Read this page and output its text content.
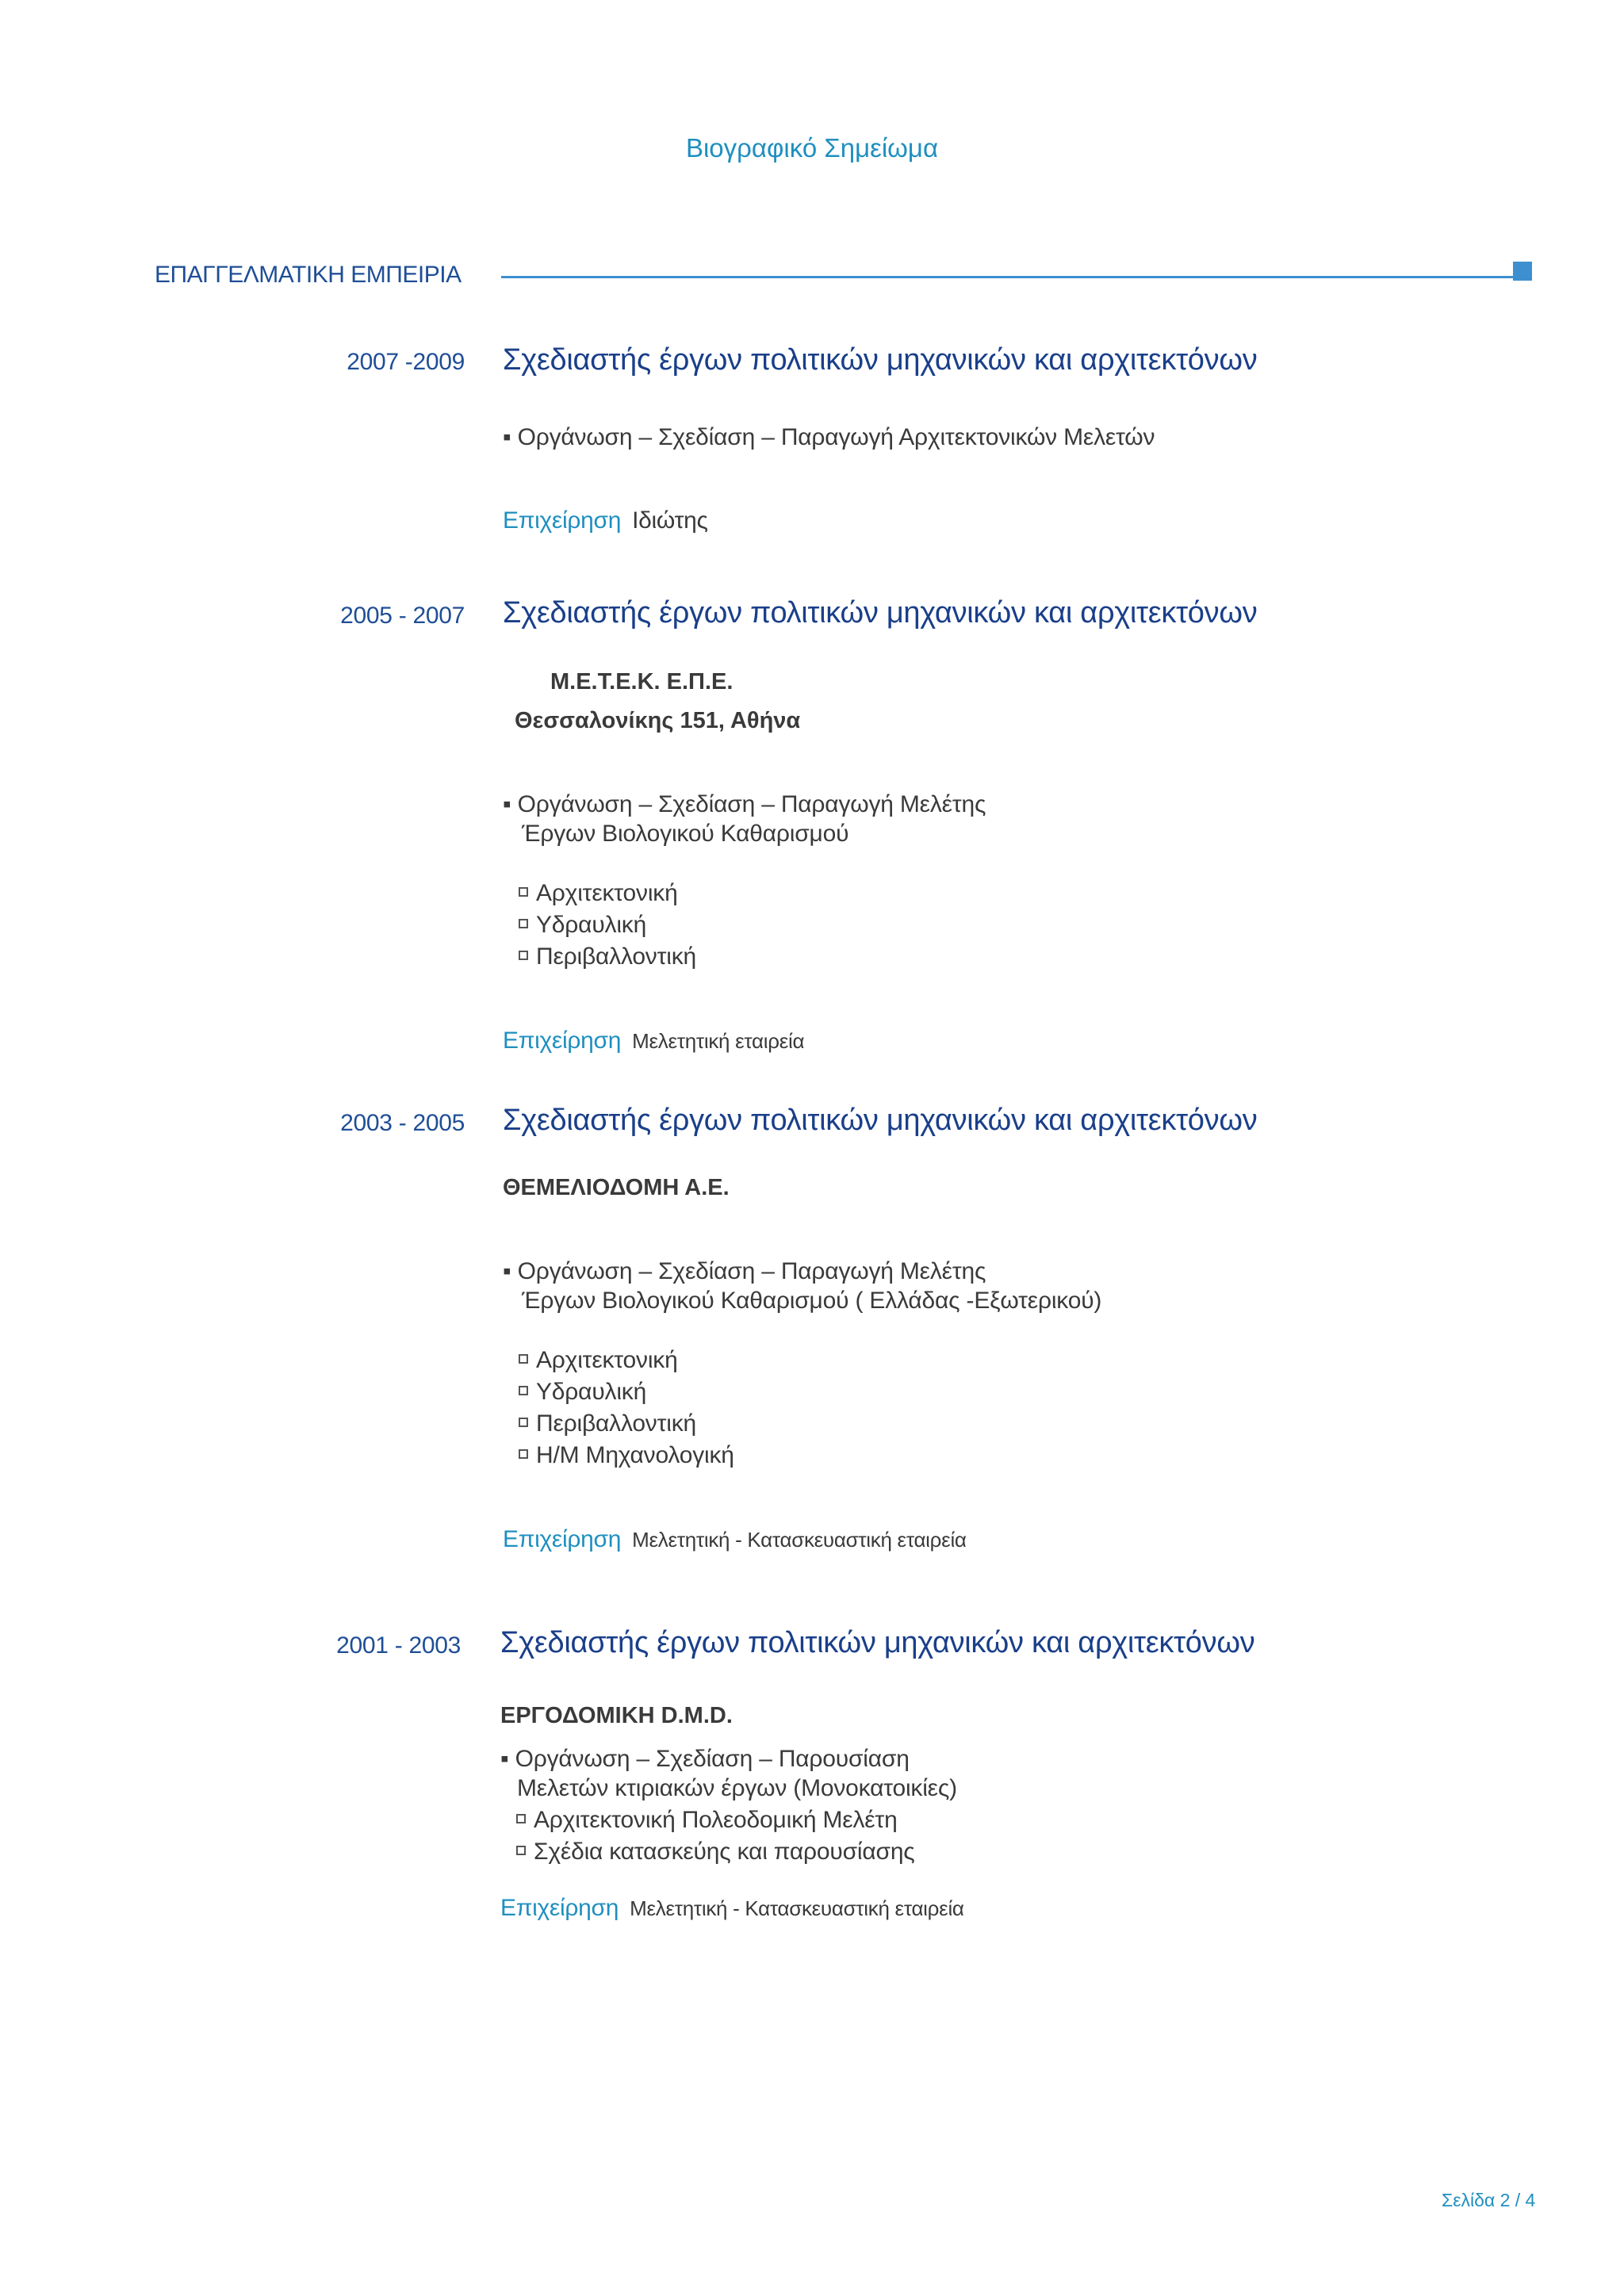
Βιογραφικό Σημείωμα
ΕΠΑΓΓΕΛΜΑΤΙΚΗ ΕΜΠΕΙΡΙΑ
2007 -2009 Σχεδιαστής έργων πολιτικών μηχανικών και αρχιτεκτόνων
▪ Οργάνωση – Σχεδίαση – Παραγωγή Αρχιτεκτονικών Μελετών
Επιχείρηση Ιδιώτης
2005 - 2007 Σχεδιαστής έργων πολιτικών μηχανικών και αρχιτεκτόνων
Μ.Ε.Τ.Ε.Κ. Ε.Π.Ε.
Θεσσαλονίκης 151, Αθήνα
▪ Οργάνωση – Σχεδίαση – Παραγωγή Μελέτης
Έργων Βιολογικού Καθαρισμού
Αρχιτεκτονική
Υδραυλική
Περιβαλλοντική
Επιχείρηση Μελετητική εταιρεία
2003 - 2005 Σχεδιαστής έργων πολιτικών μηχανικών και αρχιτεκτόνων
ΘΕΜΕΛΙΟΔΟΜΗ Α.Ε.
▪ Οργάνωση – Σχεδίαση – Παραγωγή Μελέτης
Έργων Βιολογικού Καθαρισμού ( Ελλάδας -Εξωτερικού)
Αρχιτεκτονική
Υδραυλική
Περιβαλλοντική
Η/Μ Μηχανολογική
Επιχείρηση Μελετητική - Κατασκευαστική εταιρεία
2001 - 2003 Σχεδιαστής έργων πολιτικών μηχανικών και αρχιτεκτόνων
ΕΡΓΟΔΟΜΙΚΗ D.M.D.
▪ Οργάνωση – Σχεδίαση – Παρουσίαση
Μελετών κτιριακών έργων (Μονοκατοικίες)
Αρχιτεκτονική Πολεοδομική Μελέτη
Σχέδια κατασκεύης και παρουσίασης
Επιχείρηση Μελετητική - Κατασκευαστική εταιρεία
Σελίδα 2 / 4
